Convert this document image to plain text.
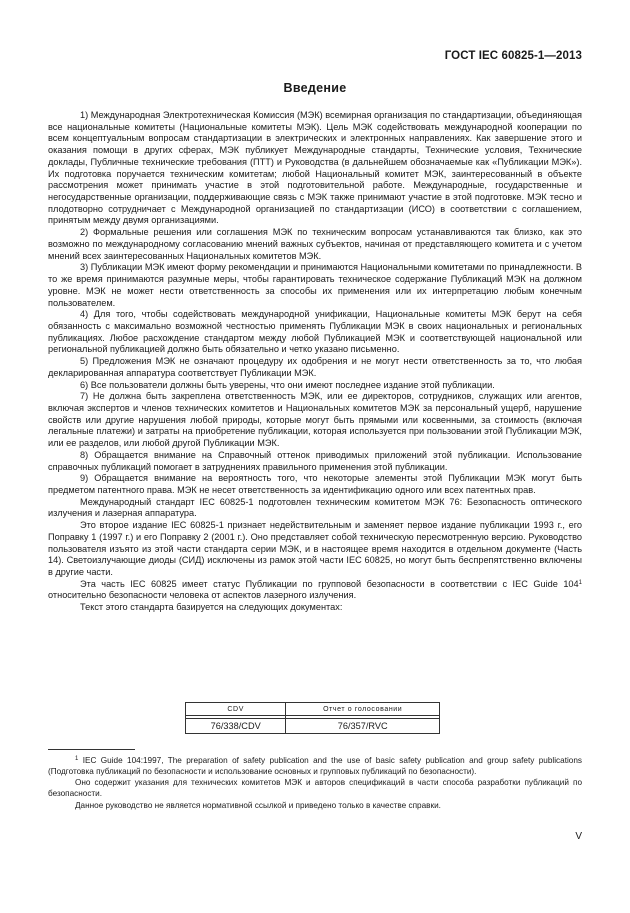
ГОСТ IEC 60825-1—2013
Введение

1) Международная Электротехническая Комиссия (МЭК) всемирная организация по стандартизации, объединяющая все национальные комитеты (Национальные комитеты МЭК). Цель МЭК содействовать международной кооперации по всем концептуальным вопросам стандартизации в электрических и электронных направлениях. Как завершение этого и оказания помощи в других сферах, МЭК публикует Международные стандарты, Технические условия, Технические доклады, Публичные технические требования (ПТТ) и Руководства (в дальнейшем обозначаемые как «Публикации МЭК»). Их подготовка поручается техническим комитетам; любой Национальный комитет МЭК, заинтересованный в объекте рассмотрения может принимать участие в этой подготовительной работе. Международные, государственные и негосударственные организации, поддерживающие связь с МЭК также принимают участие в этой подготовке. МЭК тесно и плодотворно сотрудничает с Международной организацией по стандартизации (ИСО) в соответствии с соглашением, принятым между двумя организациями.

2) Формальные решения или соглашения МЭК по техническим вопросам устанавливаются так близко, как это возможно по международному согласованию мнений важных субъектов, начиная от представляющего комитета и с учетом мнений всех заинтересованных Национальных комитетов МЭК.

3) Публикации МЭК имеют форму рекомендации и принимаются Национальными комитетами по принадлежности. В то же время принимаются разумные меры, чтобы гарантировать техническое содержание Публикаций МЭК на должном уровне. МЭК не может нести ответственность за способы их применения или их интерпретацию любым конечным пользователем.

4) Для того, чтобы содействовать международной унификации, Национальные комитеты МЭК берут на себя обязанность с максимально возможной честностью применять Публикации МЭК в своих национальных и региональных публикациях. Любое расхождение стандартом между любой Публикацией МЭК и соответствующей национальной или региональной публикацией должно быть обязательно и четко указано письменно.

5) Предложения МЭК не означают процедуру их одобрения и не могут нести ответственность за то, что любая декларированная аппаратура соответствует Публикации МЭК.

6) Все пользователи должны быть уверены, что они имеют последнее издание этой публикации.

7) Не должна быть закреплена ответственность МЭК, или ее директоров, сотрудников, служащих или агентов, включая экспертов и членов технических комитетов и Национальных комитетов МЭК за персональный ущерб, нарушение свойств или другие нарушения любой природы, которые могут быть прямыми или косвенными, за стоимость (включая легальные платежи) и затраты на приобретение публикации, которая используется при пользовании этой Публикации МЭК, или ее разделов, или любой другой Публикации МЭК.

8) Обращается внимание на Справочный оттенок приводимых приложений этой публикации. Использование справочных публикаций помогает в затруднениях правильного применения этой публикации.

9) Обращается внимание на вероятность того, что некоторые элементы этой Публикации МЭК могут быть предметом патентного права. МЭК не несет ответственность за идентификацию одного или всех патентных прав.

Международный стандарт IEC 60825-1 подготовлен техническим комитетом МЭК 76: Безопасность оптического излучения и лазерная аппаратура.

Это второе издание IEC 60825-1 признает недействительным и заменяет первое издание публикации 1993 г., его Поправку 1 (1997 г.) и его Поправку 2 (2001 г.). Оно представляет собой техническую пересмотренную версию. Руководство пользователя изъято из этой части стандарта серии МЭК, и в настоящее время находится в отдельном документе (Часть 14). Светоизлучающие диоды (СИД) исключены из рамок этой части IEC 60825, но могут быть беспрепятственно включены в другие части.

Эта часть IEC 60825 имеет статус Публикации по групповой безопасности в соответствии с IEC Guide $104^1$ относительно безопасности человека от аспектов лазерного излучения.

Текст этого стандарта базируется на следующих документах:

CDV	Отчет о голосовании

76/338/CDV	76/357/RVC

$^1$ IEC Guide 104:1997, The preparation of safety publication and the use of basic safety publication and group safety publications (Подготовка публикаций по безопасности и использование основных и групповых публикаций по безопасности).

Оно содержит указания для технических комитетов МЭК и авторов спецификаций в части способа разработки публикаций по безопасности.

Данное руководство не является нормативной ссылкой и приведено только в качестве справки.

V
